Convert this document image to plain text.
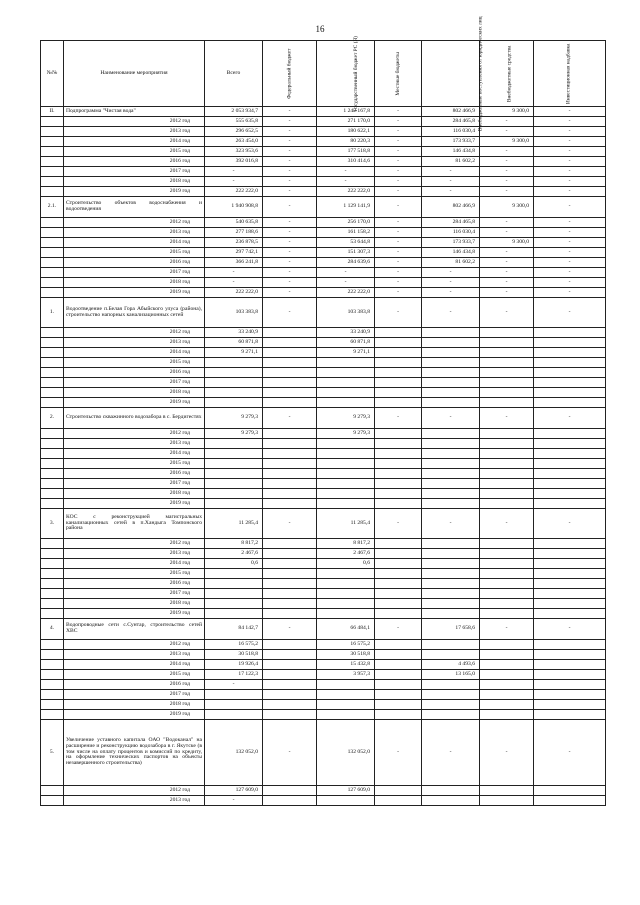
16
№№	Наименование мероприятия	Всего	Федеральный бюджет	Государственный бюджет РС (Я)	Местные бюджеты	Внебюджетные поступления от юридических лиц	Внебюджетные средства	Инвестиционная надбавка
II.	Подпрограмма "Чистая вода"	2 053 934,7	-	1 242 167,8	-	802 466,9	9 300,0	-
	2012 год	555 635,8	-	271 170,0	-	284 465,8	-	-
	2013 год	296 652,5	-	180 622,1	-	116 030,4	-	-
	2014 год	263 454,0	-	80 220,3	-	173 933,7	9 300,0	-
	2015 год	323 953,6	-	177 518,8	-	146 434,8	-	-
	2016 год	392 016,8	-	310 414,6	-	81 602,2	-	-
	2017 год	-	-	-	-	-	-	-
	2018 год	-	-	-	-	-	-	-
	2019 год	222 222,0	-	222 222,0	-	-	-	-
2.1.	Строительство объектов водоснабжения и водоотведения	1 940 908,8	-	1 129 141,9	-	802 466,9	9 300,0	-
	2012 год	540 635,8	-	256 170,0	-	284 465,8	-	-
	2013 год	277 188,6	-	161 158,2	-	116 030,4	-	-
	2014 год	236 878,5	-	53 644,8	-	173 933,7	9 300,0	-
	2015 год	297 742,1	-	151 307,3	-	146 434,8	-	-
	2016 год	366 241,8	-	284 639,6	-	81 602,2	-	-
	2017 год	-	-	-	-	-	-	-
	2018 год	-	-	-	-	-	-	-
	2019 год	222 222,0	-	222 222,0	-	-	-	-
1.	Водоотведение п.Белая Гора Абыйского улуса (района), строительство напорных канализационных сетей	103 383,8	-	103 383,8	-	-	-	-
	2012 год	33 240,9		33 240,9				
	2013 год	60 871,8		60 871,8				
	2014 год	9 271,1		9 271,1				
	2015 год							
	2016 год							
	2017 год							
	2018 год							
	2019 год							
2.	Строительство скважинного водозабора в с. Бердигестях	9 279,3	-	9 279,3	-	-	-	-
	2012 год	9 279,3		9 279,3				
	2013 год							
	2014 год							
	2015 год							
	2016 год							
	2017 год							
	2018 год							
	2019 год							
3.	КОС с реконструкцией магистральных канализационных сетей в п.Хандыга Томпонского района	11 285,4	-	11 285,4	-	-	-	-
	2012 год	8 817,2		8 817,2				
	2013 год	2 467,6		2 467,6				
	2014 год	0,6		0,6				
	2015 год							
	2016 год							
	2017 год							
	2018 год							
	2019 год							
4.	Водопроводные сети с.Сунтар, строительство сетей ХВС	84 142,7	-	66 484,1	-	17 658,6	-	-
	2012 год	16 575,2		16 575,2				
	2013 год	30 518,8		30 518,8				
	2014 год	19 926,4		15 432,8		4 493,6		
	2015 год	17 122,3		3 957,3		13 165,0		
	2016 год	-						
	2017 год							
	2018 год							
	2019 год							
5.	Увеличение уставного капитала ОАО "Водоканал" на расширение и реконструкцию водозабора в г. Якутске (в том числе на оплату процентов и комиссий по кредиту, на оформление технических паспортов на объекты незавершенного строительства)	132 052,0	-	132 052,0	-	-	-	-
	2012 год	127 609,0		127 609,0				
	2013 год	-						
